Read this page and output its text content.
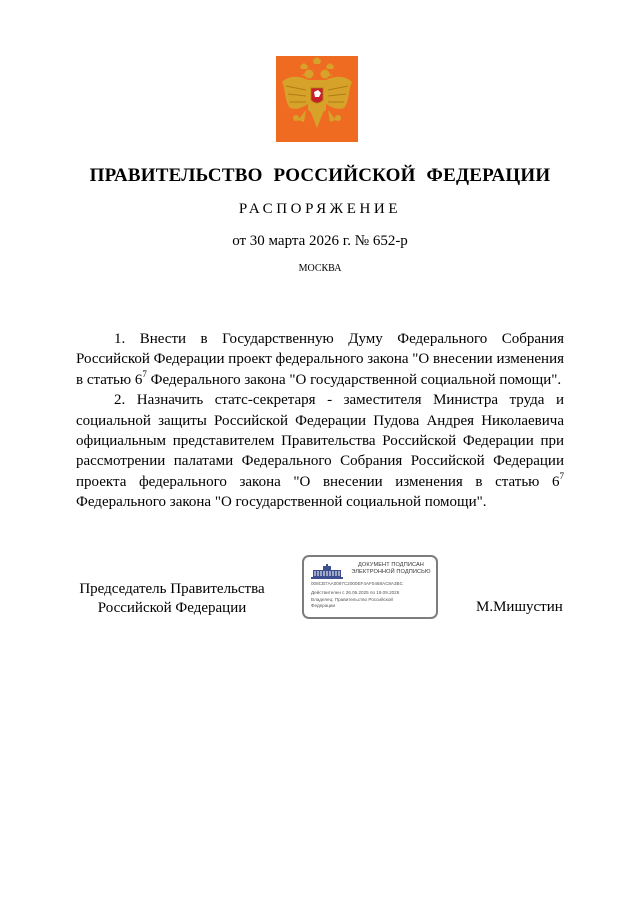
ПРАВИТЕЛЬСТВО РОССИЙСКОЙ ФЕДЕРАЦИИ
РАСПОРЯЖЕНИЕ
от 30 марта 2026 г. № 652-р
МОСКВА

1. Внести в Государственную Думу Федерального Собрания Российской Федерации проект федерального закона "О внесении изменения в статью $6^7$ Федерального закона "О государственной социальной помощи".

2. Назначить статс-секретаря - заместителя Министра труда и социальной защиты Российской Федерации Пудова Андрея Николаевича официальным представителем Правительства Российской Федерации при рассмотрении палатами Федерального Собрания Российской Федерации проекта федерального закона "О внесении изменения в статью $6^7$ Федерального закона "О государственной социальной помощи".

Председатель Правительства
Российской Федерации
ДОКУМЕНТ ПОДПИСАН
ЭЛЕКТРОННОЙ ПОДПИСЬЮ
008CB7AA0097C2000EF4AF0468AC8A3BC
Действителен с 26.06.2025 по 19.09.2026
Владелец: Правительство Российской
Федерации	М.Мишустин
